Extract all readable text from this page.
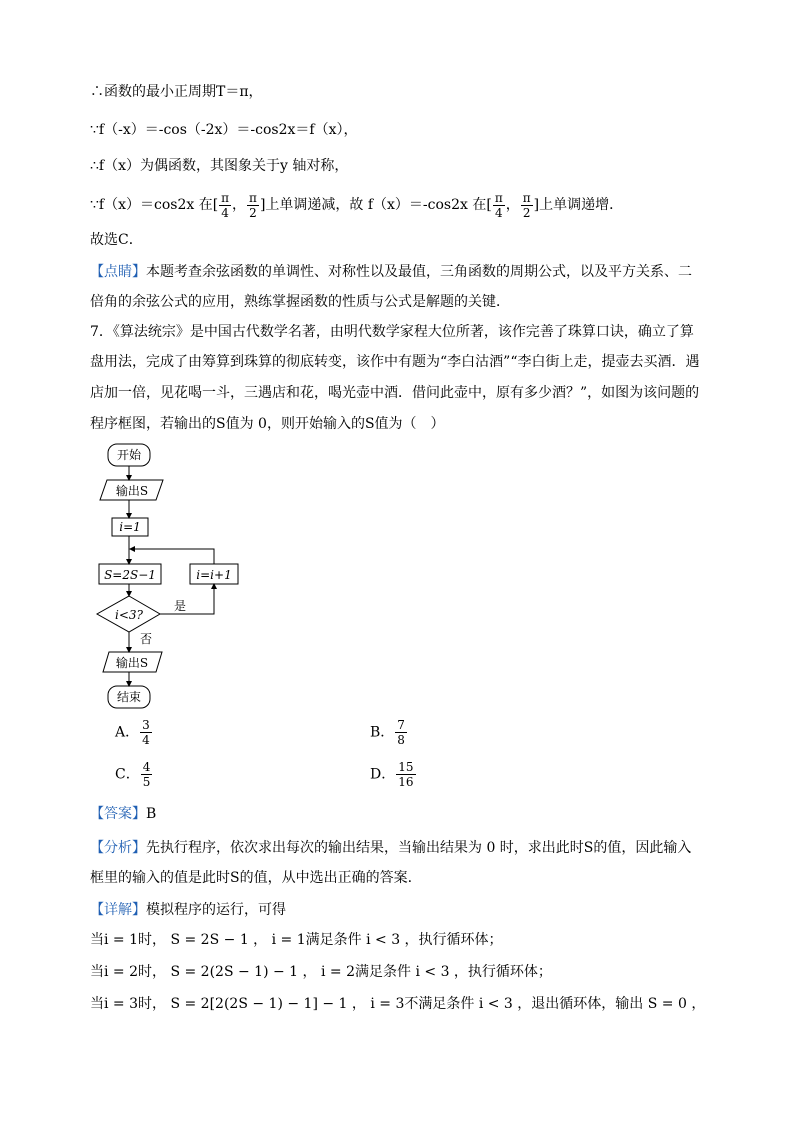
∴函数的最小正周期T＝π，
∵f（-x）＝-cos（-2x）＝-cos2x＝f（x），
∴f（x）为偶函数，其图象关于y 轴对称，
∵f（x）＝cos2x 在[ $\frac{\pi}{4}$ ， $\frac{\pi}{2}$ ]上单调递减，故 f（x）＝-cos2x 在[ $\frac{\pi}{4}$ ， $\frac{\pi}{2}$ ]上单调递增．
故选C．
【点睛】本题考查余弦函数的单调性、对称性以及最值，三角函数的周期公式，以及平方关系、二
倍角的余弦公式的应用，熟练掌握函数的性质与公式是解题的关键．
7．《算法统宗》是中国古代数学名著，由明代数学家程大位所著，该作完善了珠算口诀，确立了算
盘用法，完成了由筹算到珠算的彻底转变，该作中有题为“李白沽酒”“李白街上走，提壶去买酒．遇
店加一倍，见花喝一斗，三遇店和花，喝光壶中酒．借问此壶中，原有多少酒？”，如图为该问题的
程序框图，若输出的S值为 0，则开始输入的S值为（　）
开始
输出S
i=1
S=2S−1	i=i+1
i<3?
是
否
输出S
结束
A． $\frac{3}{4}$	B． $\frac{7}{8}$
C． $\frac{4}{5}$	D． $\frac{15}{16}$
【答案】B
【分析】先执行程序，依次求出每次的输出结果，当输出结果为 0 时，求出此时S的值，因此输入
框里的输入的值是此时S的值，从中选出正确的答案.
【详解】模拟程序的运行，可得
当i = 1时， S = 2S − 1 ， i = 1满足条件 i < 3 ，执行循环体；
当i = 2时， S = 2(2S − 1) − 1 ， i = 2满足条件 i < 3 ，执行循环体；
当i = 3时， S = 2[2(2S − 1) − 1] − 1 ， i = 3不满足条件 i < 3 ，退出循环体，输出 S = 0 ，
